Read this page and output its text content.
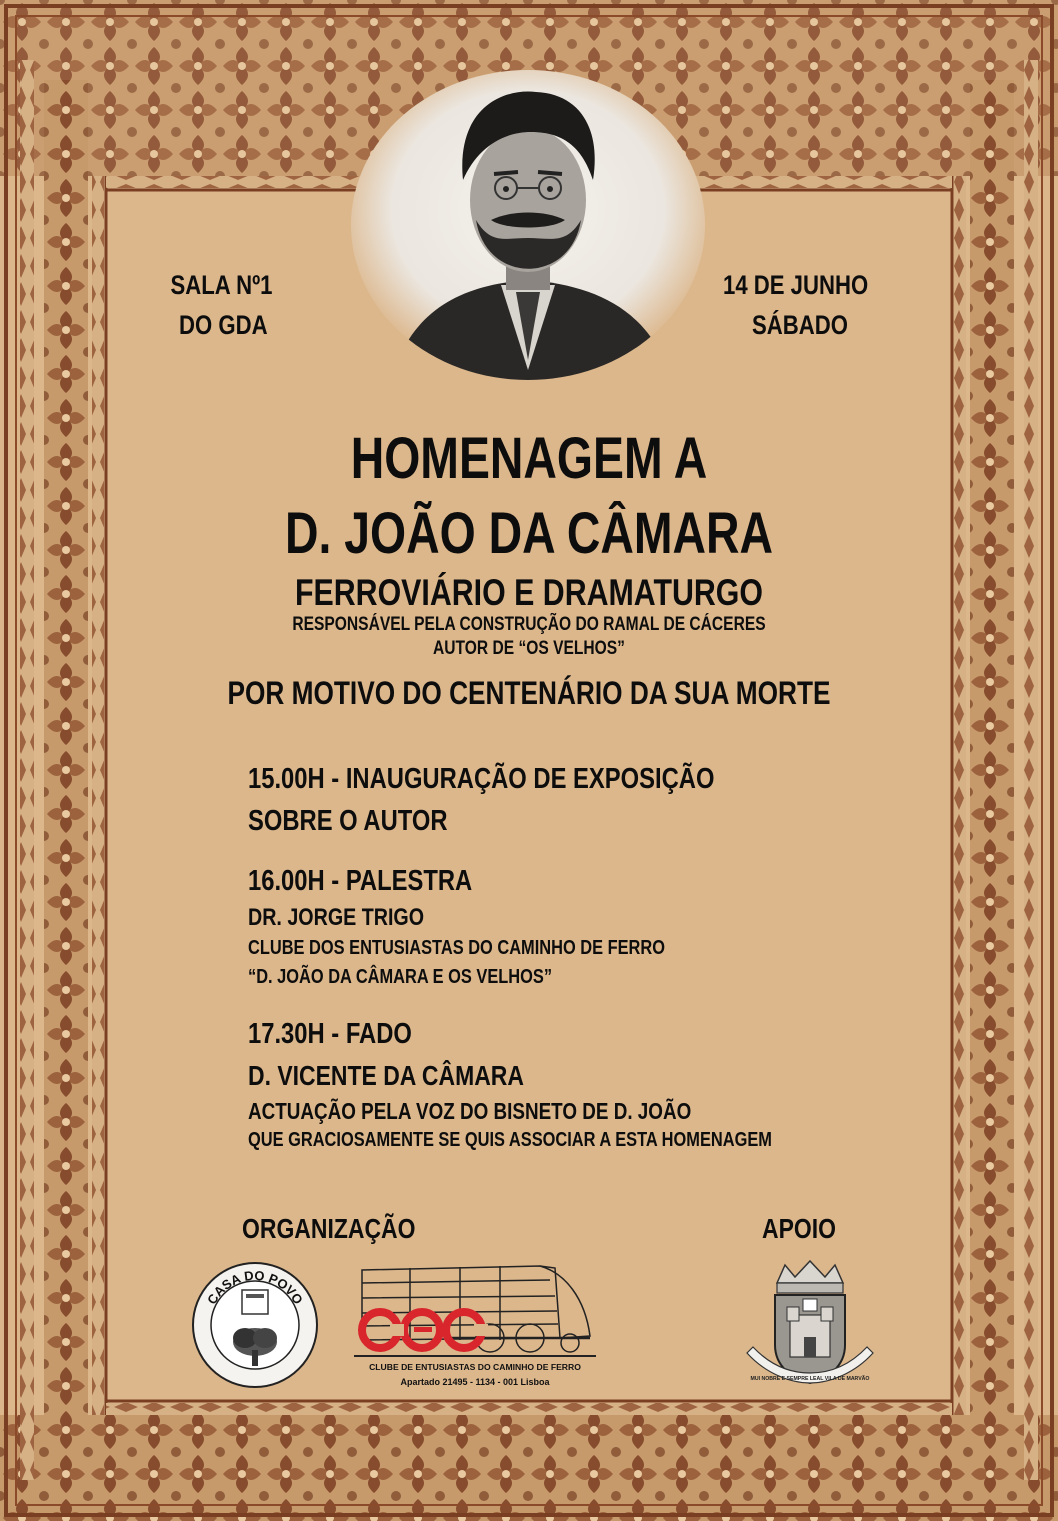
SALA Nº1

DO GDA

14 DE JUNHO

SÁBADO

HOMENAGEM A

D. JOÃO DA CÂMARA

FERROVIÁRIO E DRAMATURGO

RESPONSÁVEL PELA CONSTRUÇÃO DO RAMAL DE CÁCERES

AUTOR DE “OS VELHOS”

POR MOTIVO DO CENTENÁRIO DA SUA MORTE

15.00H - INAUGURAÇÃO DE EXPOSIÇÃO

SOBRE O AUTOR

16.00H - PALESTRA

DR. JORGE TRIGO

CLUBE DOS ENTUSIASTAS DO CAMINHO DE FERRO

“D. JOÃO DA CÂMARA E OS VELHOS”

17.30H - FADO

D. VICENTE DA CÂMARA

ACTUAÇÃO PELA VOZ DO BISNETO DE D. JOÃO

QUE GRACIOSAMENTE SE QUIS ASSOCIAR A ESTA HOMENAGEM

ORGANIZAÇÃO	APOIO

CASA DO POVO
CLUBE DE ENTUSIASTAS DO CAMINHO DE FERRO
Apartado 21495 - 1134 - 001 Lisboa	MUI NOBRE E SEMPRE LEAL VILA DE MARVÃO
